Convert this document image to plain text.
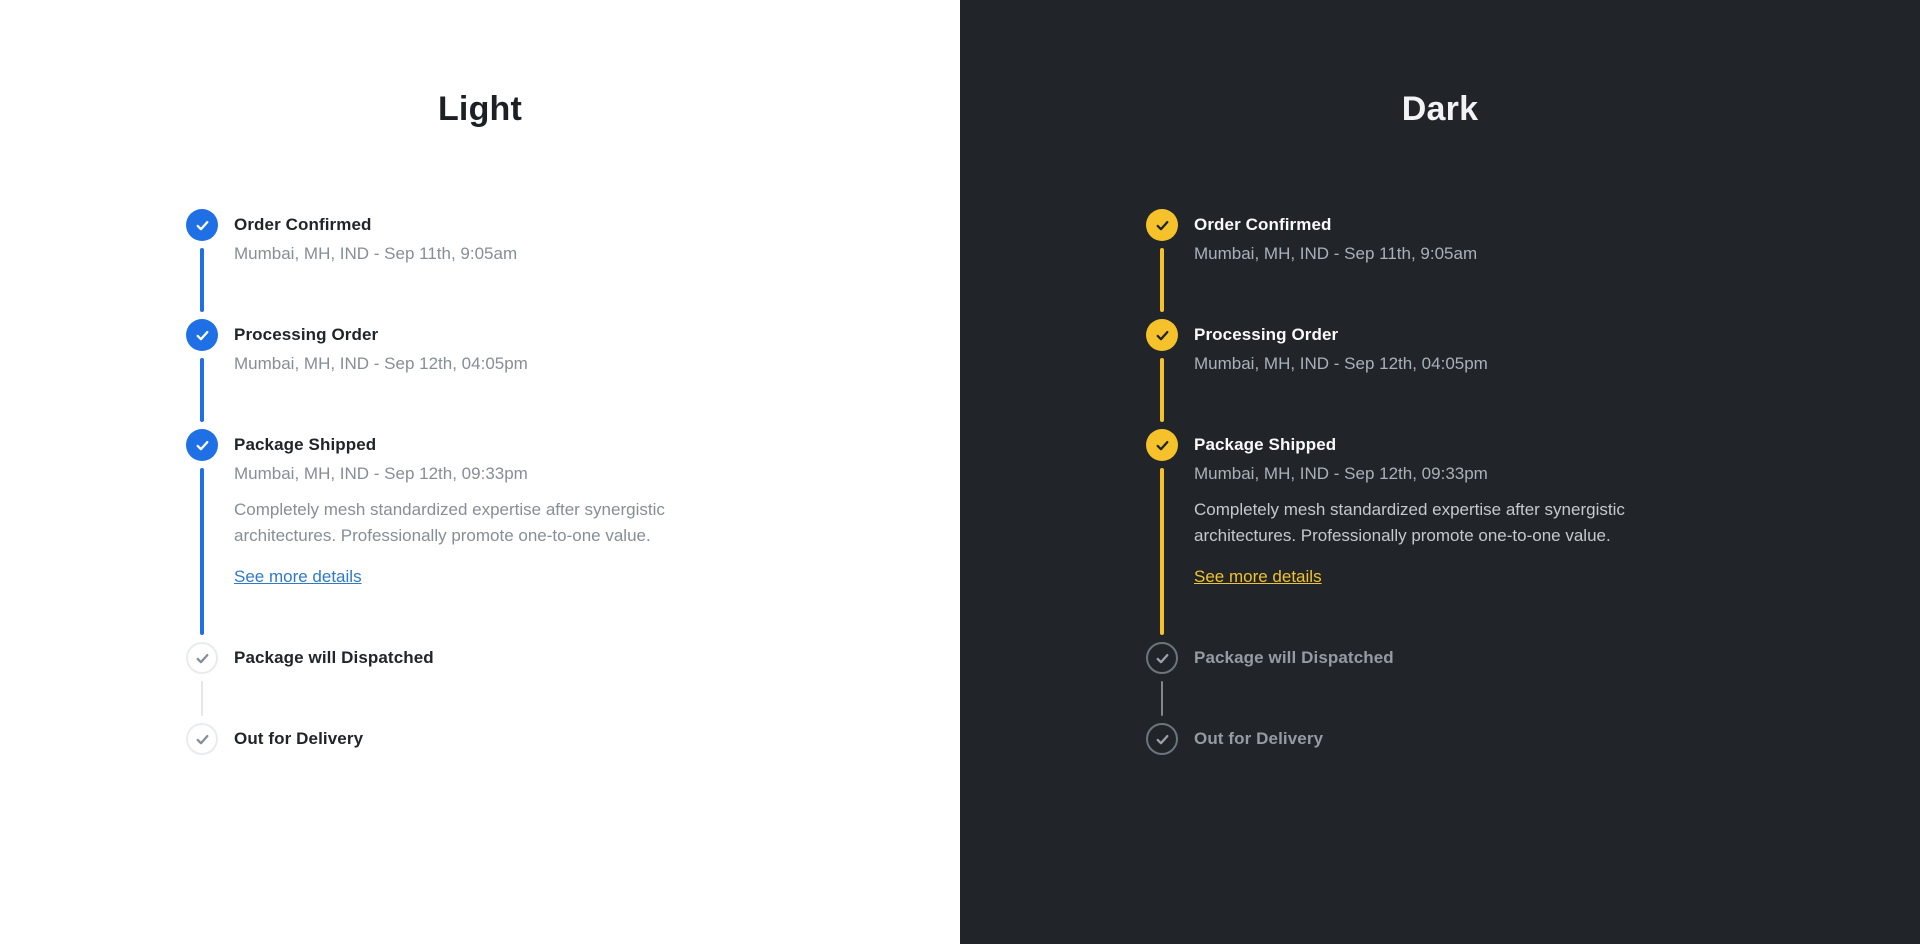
Light
Order Confirmed
Mumbai, MH, IND - Sep 11th, 9:05am
Processing Order
Mumbai, MH, IND - Sep 12th, 04:05pm
Package Shipped
Mumbai, MH, IND - Sep 12th, 09:33pm
Completely mesh standardized expertise after synergistic architectures. Professionally promote one-to-one value.
See more details
Package will Dispatched
Out for Delivery
Dark
Order Confirmed
Mumbai, MH, IND - Sep 11th, 9:05am
Processing Order
Mumbai, MH, IND - Sep 12th, 04:05pm
Package Shipped
Mumbai, MH, IND - Sep 12th, 09:33pm
Completely mesh standardized expertise after synergistic architectures. Professionally promote one-to-one value.
See more details
Package will Dispatched
Out for Delivery
